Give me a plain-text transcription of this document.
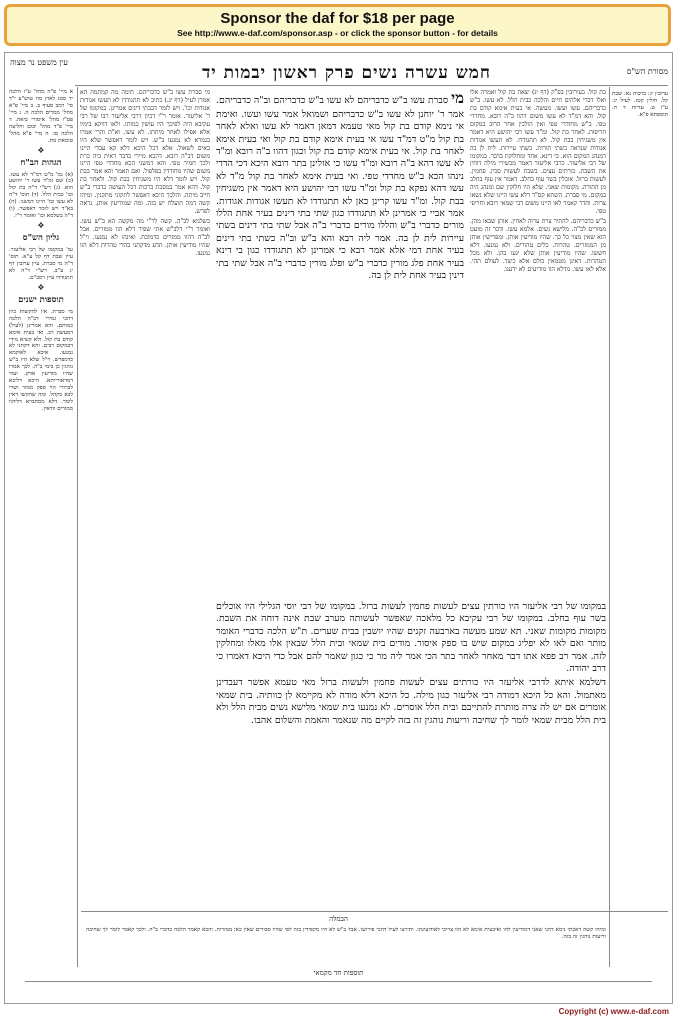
Sponsor the daf for $18 per page
See http://www.e-daf.com/sponsor.asp - or click the sponsor button - for details
מסורת הש"ס
חמש עשרה נשים פרק ראשון יבמות יד
עין משפט נר מצוה

ערובין יג: ברכות נא: שבת קל. חולין קטז. לעיל יג: ע"ז ט. עדיות ד ח. תוספתא פ"א.

בת קול. בעירובין בפ"ק (דף יג) יצאה בת קול ואמרה אלו ואלו דברי אלהים חיים והלכה כבית הלל. לא עשו. ב"ש כדבריהם. עשו ועשו. מעשה. אי בעית אימא קודם בת קול. והא דמ"ד לא עשו משום דהוו ב"ה רובא. מחדדי טפי. ב"ש מחודדי טפי ואין הולכין אחר הרוב במקום חריפות. לאחר בת קול. ומ"ד עשו רבי יהושע היא דאמר אין משגיחין בבת קול. לא תתגודדו. לא תעשו אגודות אגודות שנראה כשתי תורות. בשתי עיירות. לית לן בה דמנהג המקום הוא. בי דינא. אחד ומחלוקת בדבר. במקומו של רבי אליעזר. כרבי אליעזר דאמר מכשירי מילה דוחין את השבת. כורתים עצים. בשבת לעשות סכין. פחמין. לעשות ברזל. אוכלין בשר עוף בחלב. דאמר אין עוף בחלב מן התורה. מקומות שאני. שלא היו חלוקין שם ומנהג היה במקום. מי סברת. השתא קס"ד דלא עשו היינו שלא נשאו צרות. והדר קאמר לאו היינו משום דבי שמאי רובא וחריפי טפי.

ב"ש כדבריהם. להתיר צרת ערוה לאחין. אותן שבאו מהן. ממזרים לב"ה. מלישא נשים. אלמא עשו. ודבר זה מועט הוא שאין מצוי כל כך. שהיו מודיעין אותן. ומפרישין אותן מן הממזרים. טהרות. כלים טהורים. ולא נמנעו. דלא חששו. שהיו מודיעין אותן שלא יגעו בהן. ולא מכל הטהרות. דאינן מטמאין כולם אלא כיצד. לעולם תהי. אלא לאו עשו. מדלא הוו מודיעים לא ידענו.

מי סברת עשו ב"ש כדבריהם לא עשו ב"ש כדבריהם וב"ה כדבריהם. אמר ר' יוחנן לא עשו ב"ש כדבריהם ושמואל אמר עשו ועשו. ואימת אי נימא קודם בת קול מאי טעמא דמאן דאמר לא עשו ואלא לאחר בת קול מ"ט דמ"ד עשו אי בעית אימא קודם בת קול ואי בעית אימא לאחר בת קול. אי בעית אימא קודם בת קול וכגון דהוו ב"ה רובא ומ"ד לא עשו דהא ב"ה רובא ומ"ד עשו כי אזלינן בתר רובא היכא דכי הדדי נינהו הכא ב"ש מחדדי טפי. ואי בעית אימא לאחר בת קול מ"ד לא עשו דהא נפקא בת קול ומ"ד עשו רבי יהושע היא דאמר אין משגיחין בבת קול. ומ"ד עשו קרינן כאן לא תתגודדו לא תעשו אגודות אגודות. אמר אביי כי אמרינן לא תתגודדו כגון שתי בתי דינים בעיר אחת הללו מורים כדברי ב"ש והללו מורים כדברי ב"ה אבל שתי בתי דינים בשתי עיירות לית לן בה. אמר ליה רבא והא ב"ש וב"ה כשתי בתי דינים בעיר אחת דמי אלא אמר רבא כי אמרינן לא תתגודדו כגון בי דינא בעיר אחת פלג מורין כדברי ב"ש ופלג מורין כדברי ב"ה אבל שתי בתי דינין בעיר אחת לית לן בה.

מי סברת עשו ב"ש כדבריהם. תימה מה קמתמה הא אמרן לעיל (דף יג.) כתיב לא תתגודדו לא תעשו אגודות אגודות וכו'. ויש לומר דבבתי דינים אמרינן. במקומו של ר' אליעזר. אומר ר"י דכיון דרבי אליעזר רבו של רבי עקיבא היה לפיכך היו עושין כמותו. ולאו דווקא בימיו אלא אפילו לאחר מיתתו. לא עשו. וא"ת והרי אמרו בגמרא לא נמנעו ב"ש. ויש לומר דאפשר שלא היו באים לשאול. אלא דכל היכא דלא קא עבדי היינו משום דב"ה רובא. דהכא מיירי בדבר דאית ביה כרת ולכך חמיר טפי. והא דמשני הכא מחדדי טפי היינו משום שהיו מחודדין בפלפול. ואם תאמר והא אמר בבת קול. ויש לומר דלא היו משגיחין בבת קול. ולאחר בת קול. דהא אמר במסכת ברכות דכל העושה כדברי ב"ש חייב מיתה. והלכך היכא דאפשר לתקוני מתקנין. ומיהו קשה דמה תועלת יש בזה. ומה שמודיעין אותן. נראה לפרש.

בשלמא לב"ה. קשה לר"י מה מקשה הא ב"ש עשו. ואומר ר"י דלב"ש אתי שפיר דלא הוו ממזרים. אבל לב"ה דהוו ממזרים כדמוכח. ואינהו לא נמנעו. וי"ל שהיו מודיעין אותן. תדע מדקתני בהדי טהרות דלא הוו נמנעו.

א מיי' פ"ה מהל' ע"ז הלכה יד סמג לאוין מה טוש"ע י"ד סי' רמב סעיף ב. ב מיי' פ"א מהל' ממרים הלכה ה. ג מיי' פט"ו מהל' איסורי ביאה. ד מיי' פ"ד מהל' יבום וחליצה הלכה טו. ה מיי' פ"א מהל' טומאת מת.

❖
הגהות הב"ח

(א) גמ' מ"ט דמ"ד לא עשו. (ב) שם ומ"ד עשו ר' יהושע הוא. (ג) רש"י ד"ה בת קול וכו' כבית הלל. (ד) תוס' ד"ה לא עשו וכו' היינו דמשני. (ה) בא"ד ויש לומר דאפשר. (ו) ד"ה בשלמא וכו' ואומר ר"י.

❖
גליון הש"ס

גמ' במקומו של רבי אליעזר. עיין שבת דף קל ע"א. תוס' ד"ה מי סברת. עיין ערובין דף יג ע"ב. רש"י ד"ה לא תתגודדו עיין רמב"ם.

❖
תוספות ישנים

מי סברת. אין להקשות כיון דהכי גמירי דב"ה הלכה כמותם. והא אמרינן (לעיל) דמעשה רב. ואי בעית אימא קודם בת קול. ולא קשיא מידי דבמקום רבים. והא דקתני לא נמנעו. איכא לאוקמא כדמפרש. וי"ל שלא היו ב"ש נוהגין כן בימי ב"ה. לכך אמרו שהיו מודיעין אותן. ועוד דמדאורייתא. היכא דליכא לברורי הוי ספק ממזר ושרי לבא בקהל. ומה שהקשו דאין לומר. דלא מסתברא דליהוו ממזרים וודאין.

במקומו של רבי אליעזר היו כורתין עצים לעשות פחמין לעשות ברזל. במקומו של רבי יוסי הגלילי היו אוכלים בשר עוף בחלב. במקומו של רבי עקיבא כל מלאכה שאפשר לעשותה מערב שבת אינה דוחה את השבת. מקומות מקומות שאני. תא שמע מעשה בארבעה זקנים שהיו יושבין בבית שערים. ת"ש הלכה כדברי האומר מותר ואם לאו לא יפליג במקום שיש בו ספק איסור. מודים בית שמאי ובית הלל שבאין אלו מאלו ומחלקין לזה. אמר רב פפא אתו דבר מאחר לאחר בתר הכי אמר ליה מר כי כגון שאמר להם אבל כדי היכא דאמרו כי דרב יהודה.

דשלמא איתא לדרבי אליעזר היו כורתים עצים לעשות פחמין ולעשות ברזל מאי טעמא אפשר דעבדינן מאתמול. והא כל היכא דמודה רבי אליעזר כגון מילה. כל היכא דלא מודה לא מקיימא לן כוותיה. בית שמאי אומרים אם יש לה צרה מותרת להתייבם ובית הלל אוסרים. לא נמנעו בית שמאי מלישא נשים מבית הלל ולא בית הלל מבית שמאי לומר לך שחיבה וריעות נוהגין זה בזה לקיים מה שנאמר והאמת והשלום אהבו.

הבמלה

ומיהו קשה דאכתי נימא דהני שאני דמודיעין להו ואיבעית אימא לא הוו צריכי לאודועינהו. ותירצו לעיל דהכי פירושו. אבל ב"ש לא היו מקפידין בזה לפי שהיו סבורים שאין כאן ממזרות. והכא קאמר הלכה כדברי ב"ה. ולכך קאמר לומר לך שחיבה וריעות נוהגין זה בזה.

תוספות חד מקמאי
Copyright (c) www.e-daf.com
